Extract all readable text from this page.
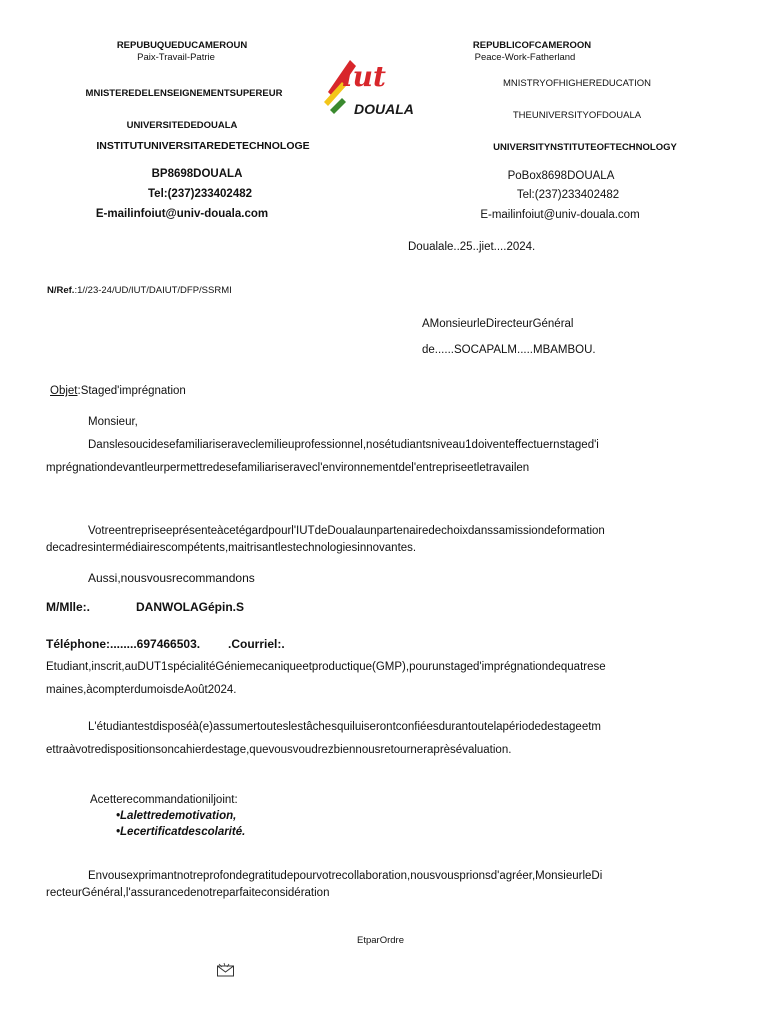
REPUBUQUEDUCAMEROUN
Paix-Travail-Patrie
MNISTEREDELENSEIGNEMENTSUPEREUR
UNIVERSITEDEDOUALA
INSTITUTUNIVERSITAREDETECHNOLOGE
BP8698DOUALA
Tel:(237)233402482
E-mailinfoiut@univ-douala.com
iut
DOUALA
REPUBLICOFCAMEROON
Peace-Work-Fatherland
MNISTRYOFHIGHEREDUCATION
THEUNIVERSITYOFDOUALA
UNIVERSITYNSTITUTEOFTECHNOLOGY
PoBox8698DOUALA
Tel:(237)233402482
E-mailinfoiut@univ-douala.com
Doualale..25..jiet....2024.
N/Ref.:1//23-24/UD/IUT/DAIUT/DFP/SSRMI
AMonsieurleDirecteurGénéral
de......SOCAPALM.....MBAMBOU.
Objet:Staged'imprégnation
Monsieur,
Danslesoucidesefamiliariseraveclemilieuprofessionnel,nosétudiantsniveau1doiventeffectuernstaged'imprégnationdevantleurpermettredesefamiliariseravecl'environnementdel'entrepriseetletravailen
Votreentrepriseeprésenteàcetégardpourl'IUTdeDoualaunpartenairedechoixdanssamissiondeformationdecadresintermédiairescompétents,maitrisantlestechnologiesinnovantes.
Aussi,nousvousrecommandons
M/Mlle:.	DANWOLAGépin.S
Téléphone:........697466503. .Courriel:.
Etudiant,inscrit,auDUT1spécialitéGéniemecaniqueetproductique(GMP),pourunstaged'imprégnationdequatresemaines,àcompterdumoisdeAoût2024.
L'étudiantestdisposéà(e)assumertouteslestâchesquiluiserontconfiéesdurantoutelapériodedestageetmettraàvotredispositionsoncahierdestage,quevousvoudrezbiennousretourneraprèsévaluation.
Acetterecommandationiljoint:
•Lalettredemotivation,
•Lecertificatdescolarité.
Envousexprimantnotreprofondegratitudepourvotrecollaboration,nousvousprionsd'agréer,MonsieurleDirecteurGénéral,l'assurancedenotreparfaiteconsidération
EtparOrdre
